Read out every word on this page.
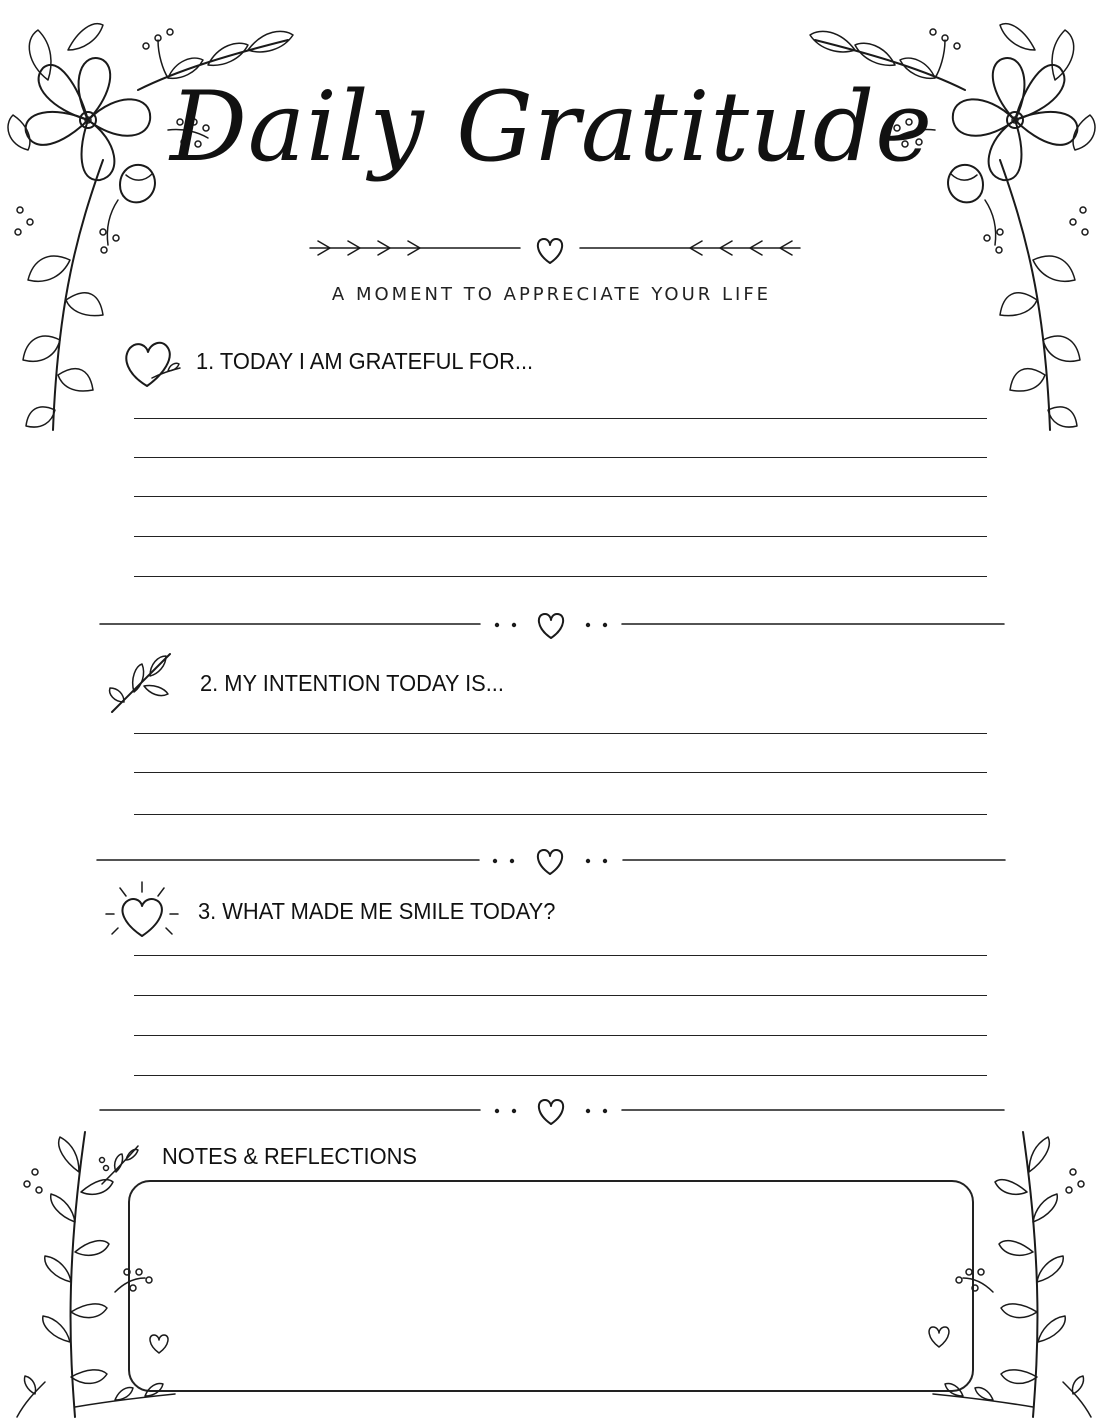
Daily Gratitude
A MOMENT TO APPRECIATE YOUR LIFE
1. TODAY I AM GRATEFUL FOR...
2. MY INTENTION TODAY IS...
3. WHAT MADE ME SMILE TODAY?
NOTES & REFLECTIONS
